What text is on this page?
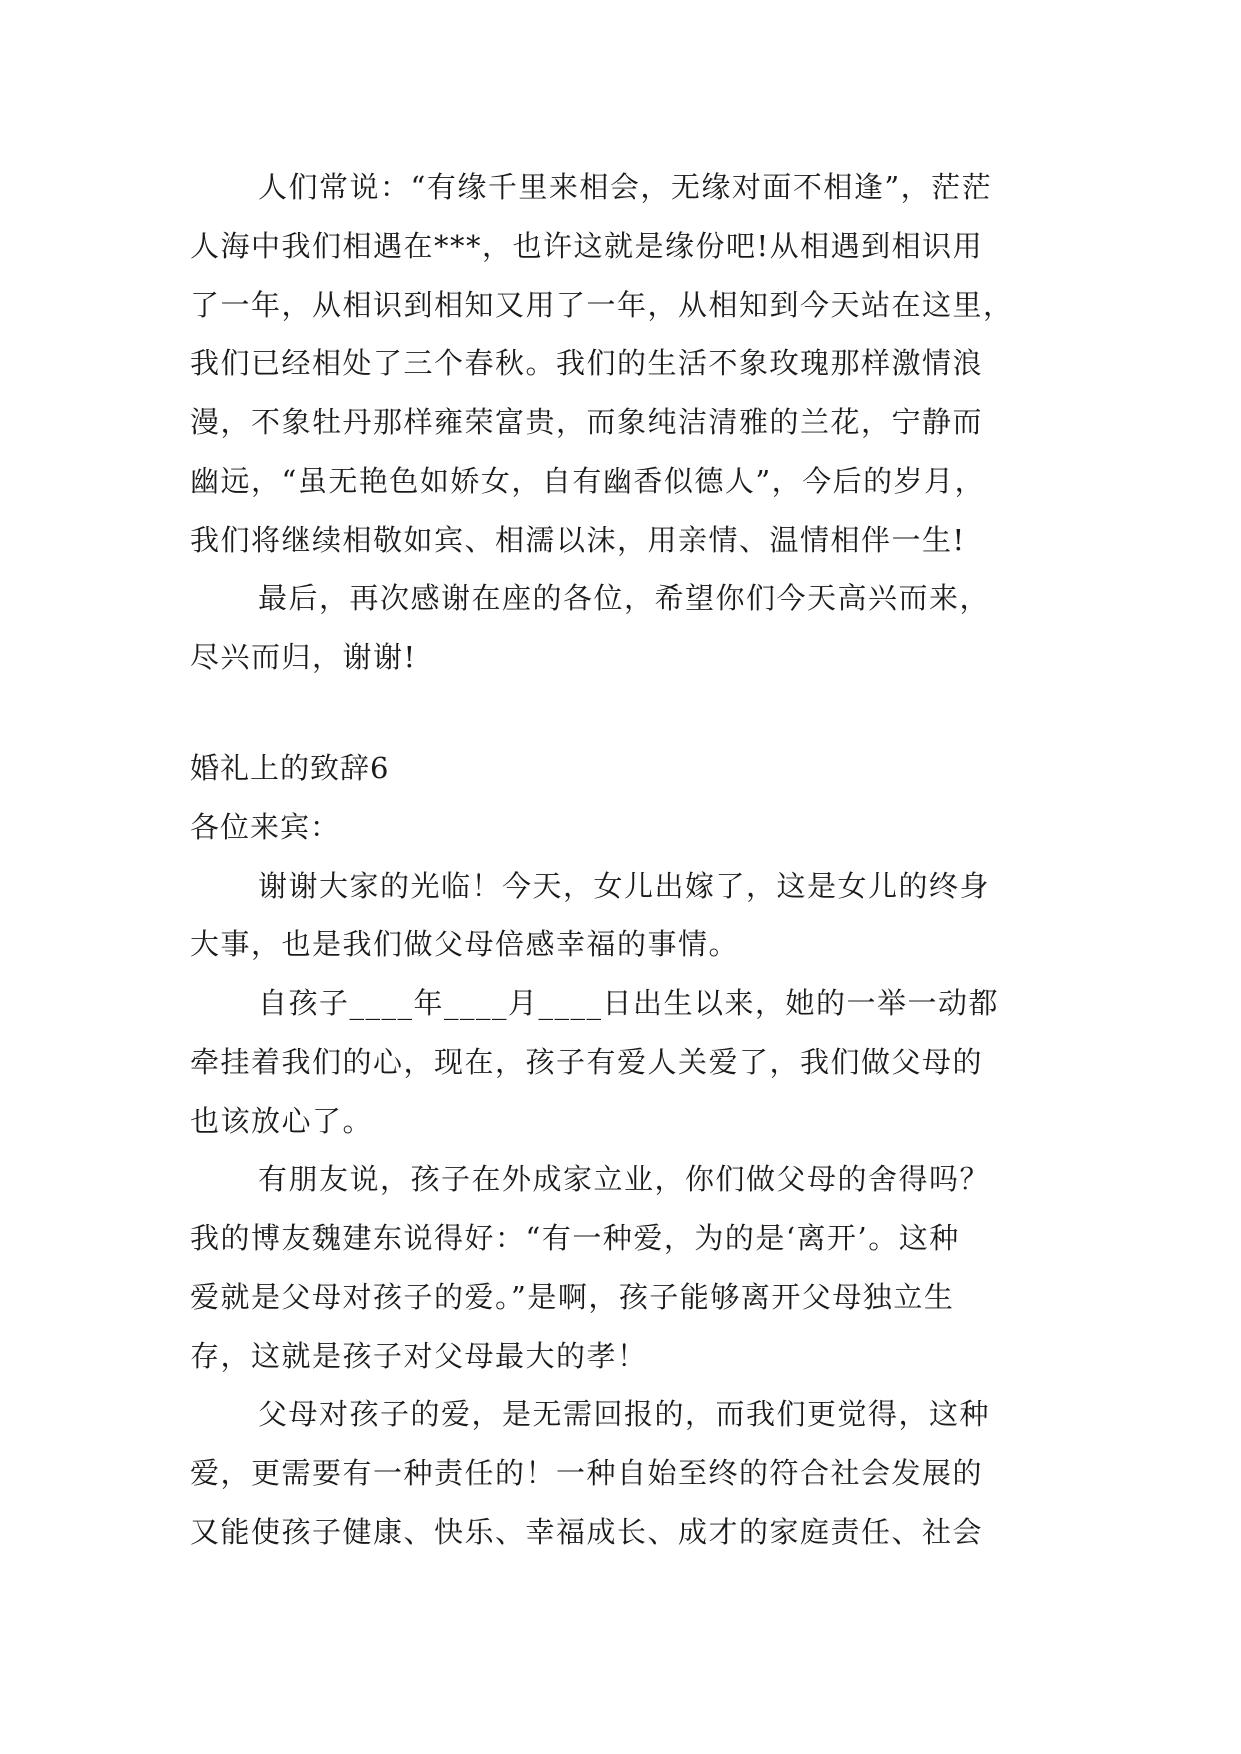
人们常说：“有缘千里来相会，无缘对面不相逢”，茫茫
人海中我们相遇在***，也许这就是缘份吧!从相遇到相识用
了一年，从相识到相知又用了一年，从相知到今天站在这里，
我们已经相处了三个春秋。我们的生活不象玫瑰那样激情浪
漫，不象牡丹那样雍荣富贵，而象纯洁清雅的兰花，宁静而
幽远，“虽无艳色如娇女，自有幽香似德人”，今后的岁月，
我们将继续相敬如宾、相濡以沫，用亲情、温情相伴一生!
最后，再次感谢在座的各位，希望你们今天高兴而来，
尽兴而归，谢谢!
婚礼上的致辞6
各位来宾：
谢谢大家的光临！今天，女儿出嫁了，这是女儿的终身
大事，也是我们做父母倍感幸福的事情。
自孩子____年____月____日出生以来，她的一举一动都
牵挂着我们的心，现在，孩子有爱人关爱了，我们做父母的
也该放心了。
有朋友说，孩子在外成家立业，你们做父母的舍得吗？
我的博友魏建东说得好：“有一种爱，为的是‘离开’。这种
爱就是父母对孩子的爱。”是啊，孩子能够离开父母独立生
存，这就是孩子对父母最大的孝！
父母对孩子的爱，是无需回报的，而我们更觉得，这种
爱，更需要有一种责任的！一种自始至终的符合社会发展的
又能使孩子健康、快乐、幸福成长、成才的家庭责任、社会
